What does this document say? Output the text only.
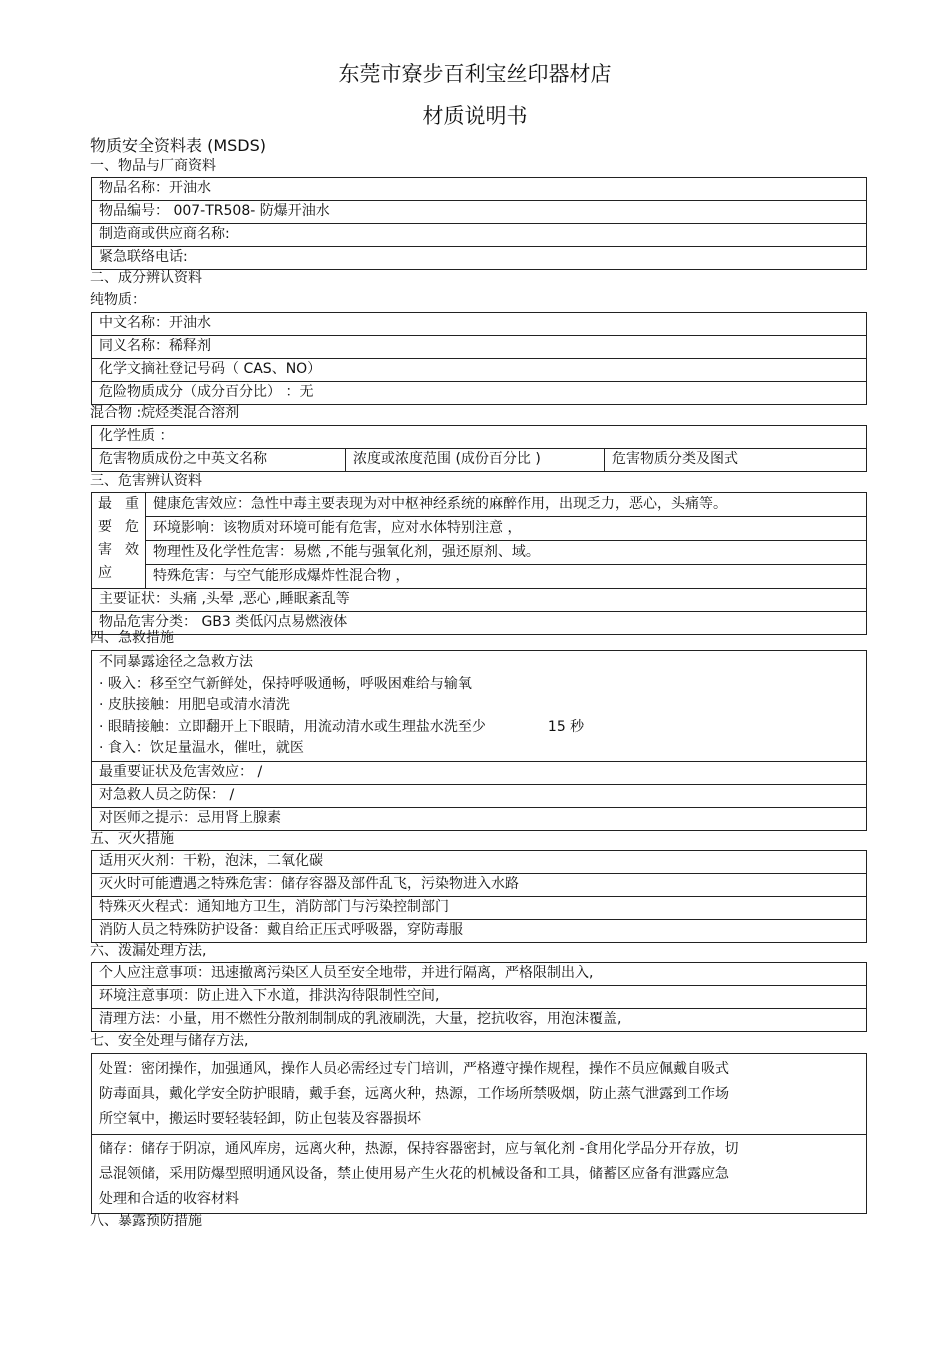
东莞市寮步百利宝丝印器材店
材质说明书
物质安全资料表 (MSDS)
一、物品与厂商资料
物品名称：开油水
物品编号： 007-TR508- 防爆开油水
制造商或供应商名称:
紧急联络电话:
二、成分辨认资料
纯物质：
中文名称：开油水
同义名称：稀释剂
化学文摘社登记号码（ CAS、NO）
危险物质成分（成分百分比） ：无
混合物 :烷烃类混合溶剂
化学性质 ：
危害物质成份之中英文名称	浓度或浓度范围 (成份百分比 )	危害物质分类及图式
三、危害辨认资料
最重
要危
害效
应
健康危害效应：急性中毒主要表现为对中枢神经系统的麻醉作用，出现乏力，恶心，头痛等。
环境影响：该物质对环境可能有危害，应对水体特别注意 ，
物理性及化学性危害：易燃 ,不能与强氧化剂，强还原剂、域。
特殊危害：与空气能形成爆炸性混合物 ，
主要证状：头痛 ,头晕 ,恶心 ,睡眠紊乱等
物品危害分类： GB3 类低闪点易燃液体
四、急救措施
不同暴露途径之急救方法
· 吸入：移至空气新鲜处，保持呼吸通畅，呼吸困难给与输氧
· 皮肤接触：用肥皂或清水清洗
· 眼睛接触：立即翻开上下眼睛，用流动清水或生理盐水洗至少	15 秒
· 食入：饮足量温水，催吐，就医
最重要证状及危害效应： /
对急救人员之防保： /
对医师之提示：忌用肾上腺素
五、灭火措施
适用灭火剂：干粉，泡沫，二氧化碳
灭火时可能遭遇之特殊危害：储存容器及部件乱飞，污染物进入水路
特殊灭火程式：通知地方卫生，消防部门与污染控制部门
消防人员之特殊防护设备：戴自给正压式呼吸器，穿防毒服
六、泼漏处理方法,
个人应注意事项：迅速撤离污染区人员至安全地带，并进行隔离，严格限制出入,
环境注意事项：防止进入下水道，排洪沟待限制性空间,
清理方法：小量，用不燃性分散剂制制成的乳液刷洗，大量，挖抗收容，用泡沫覆盖,
七、安全处理与储存方法,
处置：密闭操作，加强通风，操作人员必需经过专门培训，严格遵守操作规程，操作不员应佩戴自吸式
防毒面具，戴化学安全防护眼睛，戴手套，远离火种，热源，工作场所禁吸烟，防止蒸气泄露到工作场
所空氧中，搬运时要轻装轻卸，防止包装及容器损坏
储存：储存于阴凉，通风库房，远离火种，热源，保持容器密封，应与氧化剂 -食用化学品分开存放，切
忌混领储，采用防爆型照明通风设备，禁止使用易产生火花的机械设备和工具，储蓄区应备有泄露应急
处理和合适的收容材料
八、暴露预防措施
